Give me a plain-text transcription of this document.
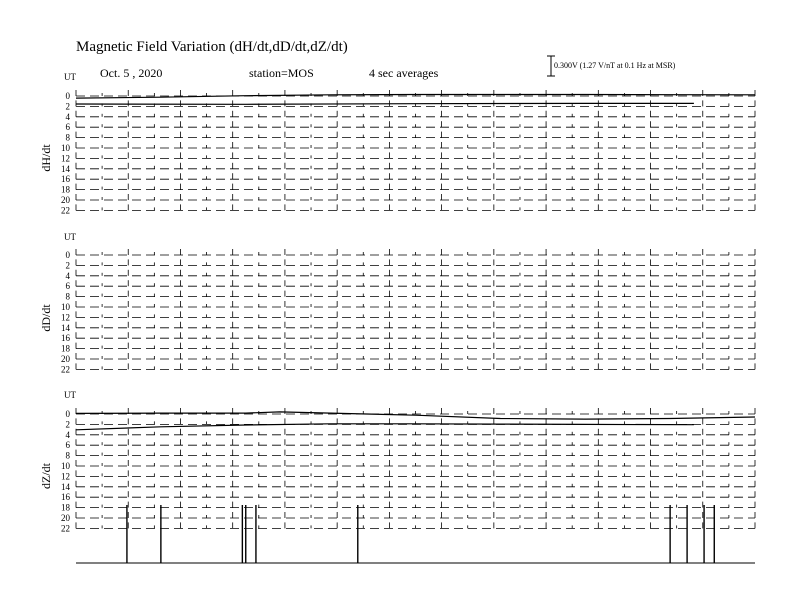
Magnetic Field Variation (dH/dt,dD/dt,dZ/dt)
Oct. 5 , 2020	station=MOS	4 sec averages
0.300V (1.27 V/nT at 0.1 Hz at MSR)
UT
dH/dt
0
2
4
6
8
10
12
14
16
18
20
22
UT
dD/dt
0
2
4
6
8
10
12
14
16
18
20
22
UT
dZ/dt
0
2
4
6
8
10
12
14
16
18
20
22
